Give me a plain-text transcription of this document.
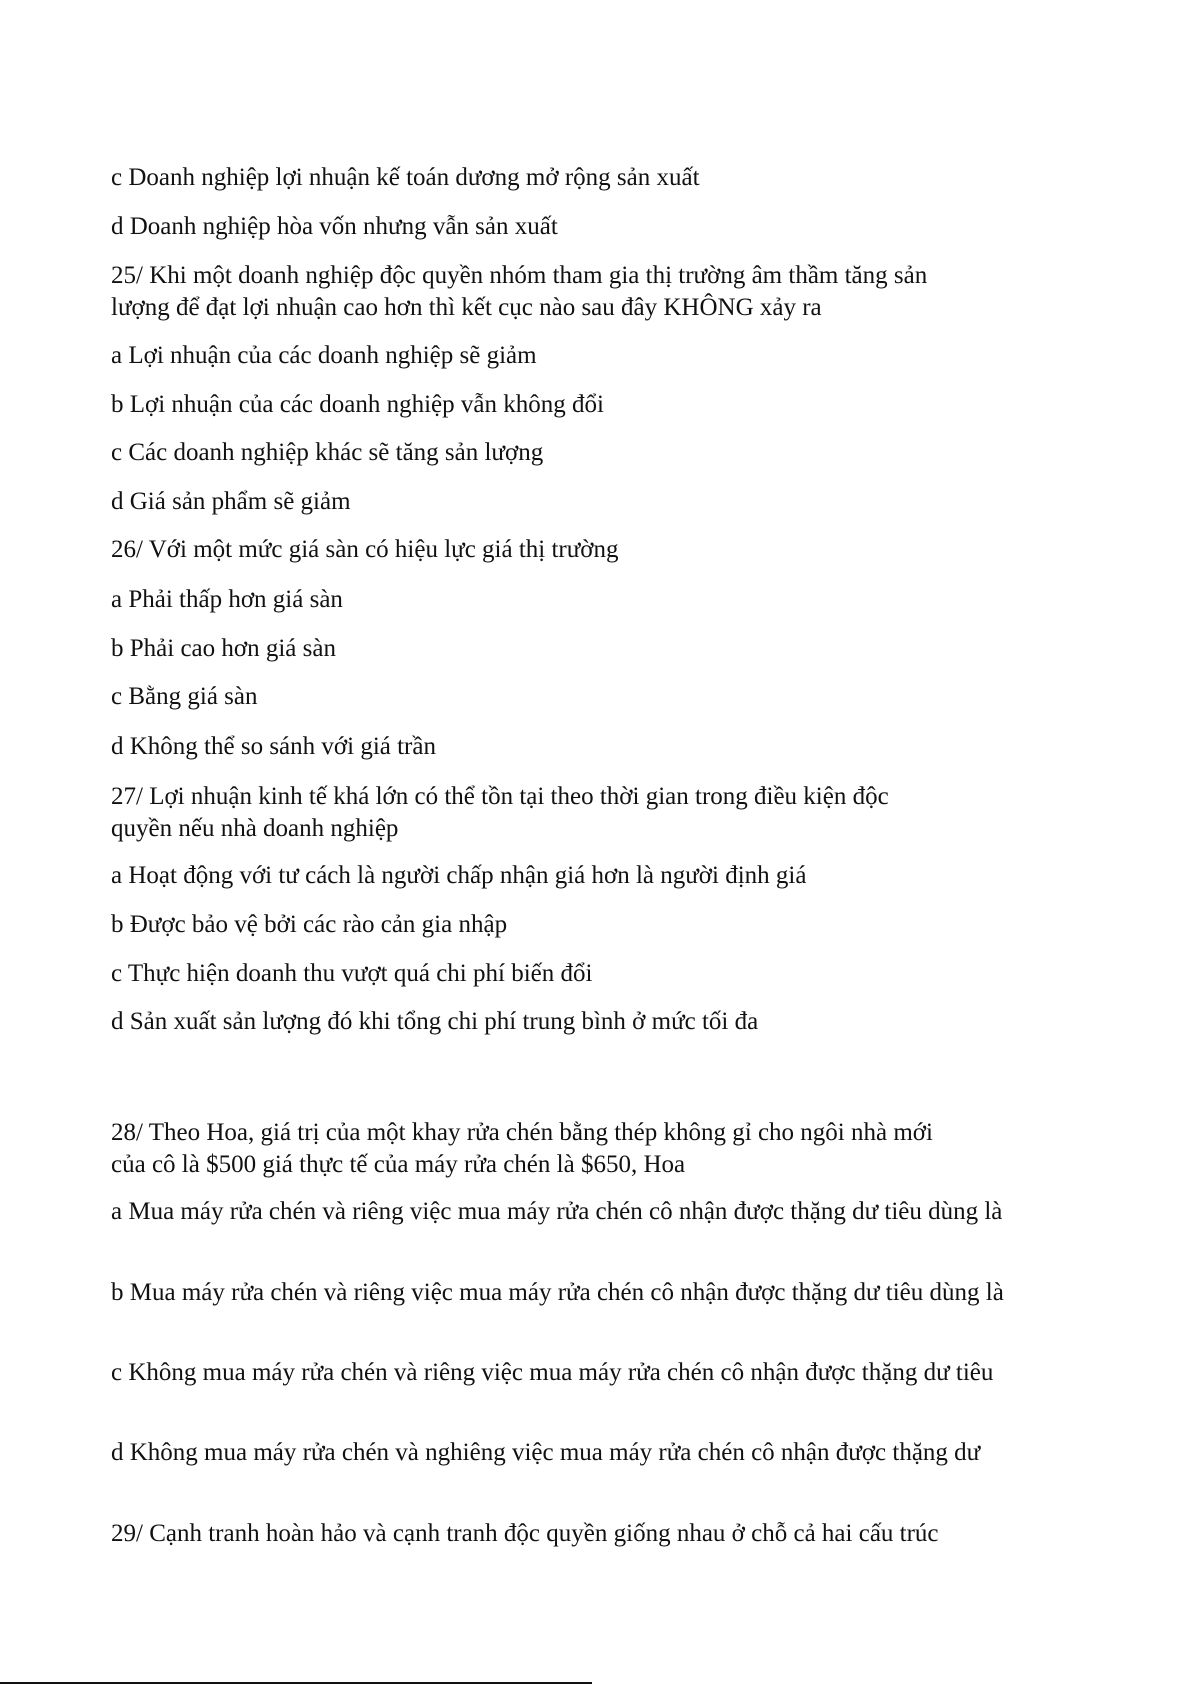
c Doanh nghiệp lợi nhuận kế toán dương mở rộng sản xuất
d Doanh nghiệp hòa vốn nhưng vẫn sản xuất
25/ Khi một doanh nghiệp độc quyền nhóm tham gia thị trường âm thầm tăng sản
lượng để đạt lợi nhuận cao hơn thì kết cục nào sau đây KHÔNG xảy ra
a Lợi nhuận của các doanh nghiệp sẽ giảm
b Lợi nhuận của các doanh nghiệp vẫn không đổi
c Các doanh nghiệp khác sẽ tăng sản lượng
d Giá sản phẩm sẽ giảm
26/ Với một mức giá sàn có hiệu lực giá thị trường
a Phải thấp hơn giá sàn
b Phải cao hơn giá sàn
c Bằng giá sàn
d Không thể so sánh với giá trần
27/ Lợi nhuận kinh tế khá lớn có thể tồn tại theo thời gian trong điều kiện độc
quyền nếu nhà doanh nghiệp
a Hoạt động với tư cách là người chấp nhận giá hơn là người định giá
b Được bảo vệ bởi các rào cản gia nhập
c Thực hiện doanh thu vượt quá chi phí biến đổi
d Sản xuất sản lượng đó khi tổng chi phí trung bình ở mức tối đa
28/ Theo Hoa, giá trị của một khay rửa chén bằng thép không gỉ cho ngôi nhà mới
của cô là $500 giá thực tế của máy rửa chén là $650, Hoa
a Mua máy rửa chén và riêng việc mua máy rửa chén cô nhận được thặng dư tiêu dùng là
b Mua máy rửa chén và riêng việc mua máy rửa chén cô nhận được thặng dư tiêu dùng là
c Không mua máy rửa chén và riêng việc mua máy rửa chén cô nhận được thặng dư tiêu
d Không mua máy rửa chén và nghiêng việc mua máy rửa chén cô nhận được thặng dư
29/ Cạnh tranh hoàn hảo và cạnh tranh độc quyền giống nhau ở chỗ cả hai cấu trúc
